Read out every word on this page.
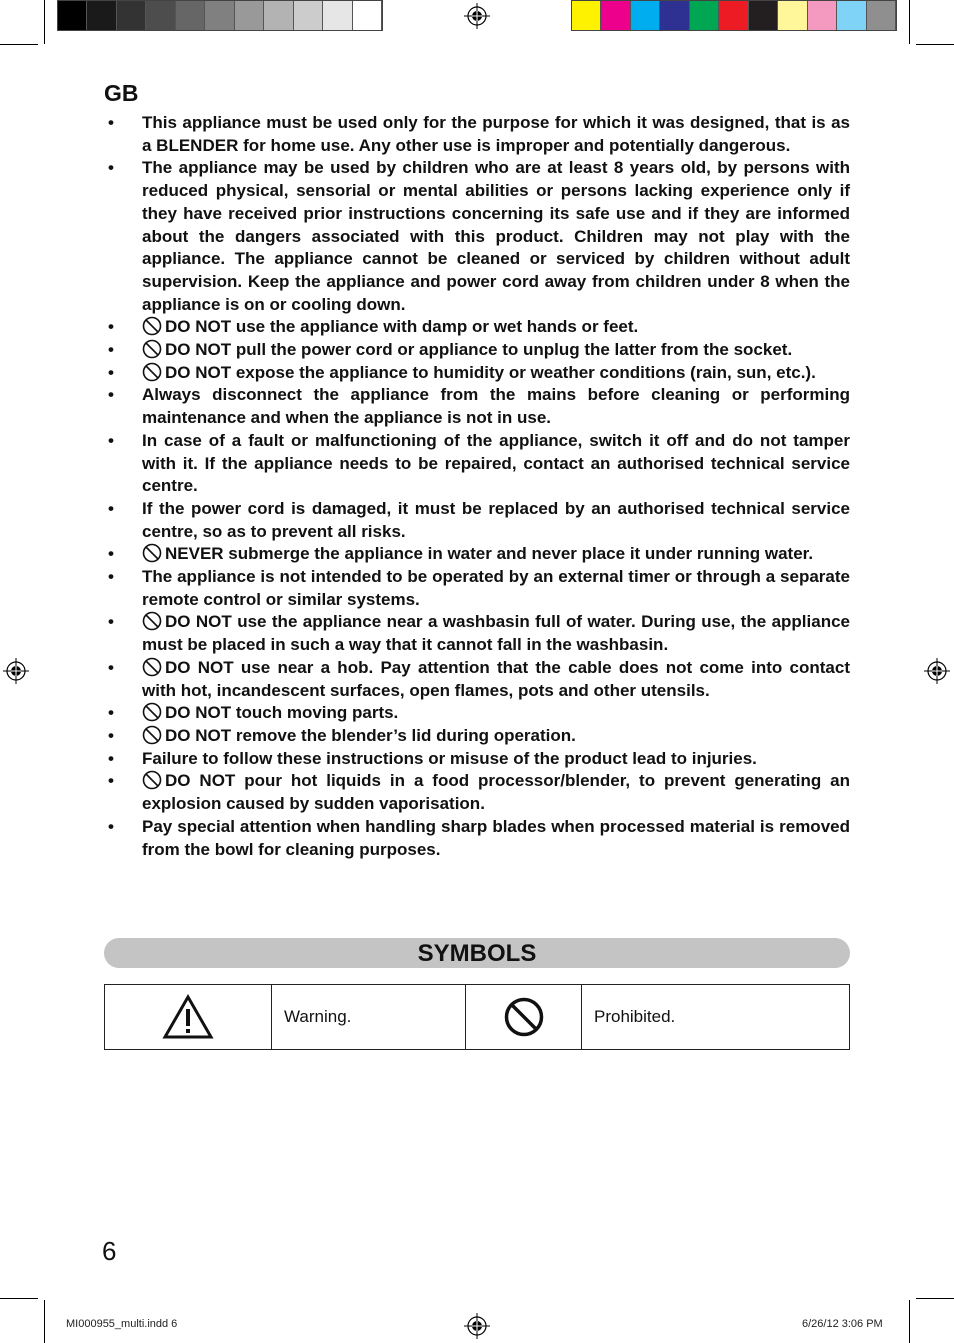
GB
• This appliance must be used only for the purpose for which it was designed, that is as a BLENDER for home use. Any other use is improper and potentially dangerous.
• The appliance may be used by children who are at least 8 years old, by persons with reduced physical, sensorial or mental abilities or persons lacking experience only if they have received prior instructions concerning its safe use and if they are informed about the dangers associated with this product. Children may not play with the appliance. The appliance cannot be cleaned or serviced by children without adult supervision. Keep the appliance and power cord away from children under 8 when the appliance is on or cooling down.
•	DO NOT use the appliance with damp or wet hands or feet.
•	DO NOT pull the power cord or appliance to unplug the latter from the socket.
•	DO NOT expose the appliance to humidity or weather conditions (rain, sun, etc.).
• Always disconnect the appliance from the mains before cleaning or performing maintenance and when the appliance is not in use.
• In case of a fault or malfunctioning of the appliance, switch it off and do not tamper with it. If the appliance needs to be repaired, contact an authorised technical service centre.
• If the power cord is damaged, it must be replaced by an authorised technical service centre, so as to prevent all risks.
•	NEVER submerge the appliance in water and never place it under running water.
• The appliance is not intended to be operated by an external timer or through a separate remote control or similar systems.
•	DO NOT use the appliance near a washbasin full of water. During use, the appliance must be placed in such a way that it cannot fall in the washbasin.
•	DO NOT use near a hob. Pay attention that the cable does not come into contact with hot, incandescent surfaces, open flames, pots and other utensils.
•	DO NOT touch moving parts.
•	DO NOT remove the blender’s lid during operation.
• Failure to follow these instructions or misuse of the product lead to injuries.
•	DO NOT pour hot liquids in a food processor/blender, to prevent generating an explosion caused by sudden vaporisation.
• Pay special attention when handling sharp blades when processed material is removed from the bowl for cleaning purposes.
SYMBOLS
Warning.	Prohibited.
6
MI000955_multi.indd 6	6/26/12 3:06 PM
